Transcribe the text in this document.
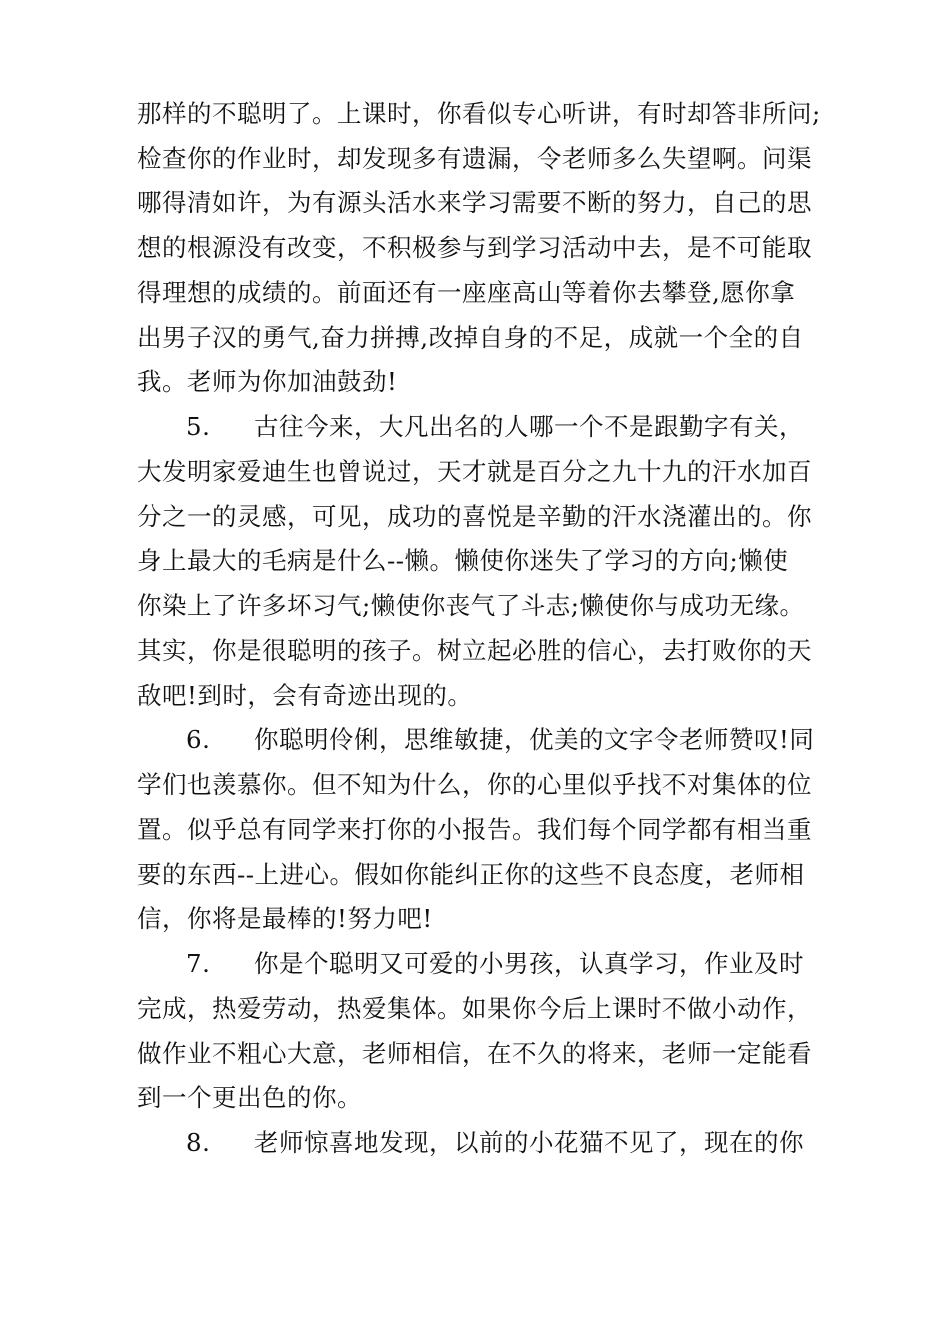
那样的不聪明了。上课时，你看似专心听讲，有时却答非所问;
检查你的作业时，却发现多有遗漏，令老师多么失望啊。问渠
哪得清如许，为有源头活水来学习需要不断的努力，自己的思
想的根源没有改变，不积极参与到学习活动中去，是不可能取
得理想的成绩的。前面还有一座座高山等着你去攀登,愿你拿
出男子汉的勇气,奋力拼搏,改掉自身的不足，成就一个全的自
我。老师为你加油鼓劲!
5. 古往今来，大凡出名的人哪一个不是跟勤字有关，
大发明家爱迪生也曾说过，天才就是百分之九十九的汗水加百
分之一的灵感，可见，成功的喜悦是辛勤的汗水浇灌出的。你
身上最大的毛病是什么--懒。懒使你迷失了学习的方向;懒使
你染上了许多坏习气;懒使你丧气了斗志;懒使你与成功无缘。
其实，你是很聪明的孩子。树立起必胜的信心，去打败你的天
敌吧!到时，会有奇迹出现的。
6. 你聪明伶俐，思维敏捷，优美的文字令老师赞叹!同
学们也羡慕你。但不知为什么，你的心里似乎找不对集体的位
置。似乎总有同学来打你的小报告。我们每个同学都有相当重
要的东西--上进心。假如你能纠正你的这些不良态度，老师相
信，你将是最棒的!努力吧!
7. 你是个聪明又可爱的小男孩，认真学习，作业及时
完成，热爱劳动，热爱集体。如果你今后上课时不做小动作，
做作业不粗心大意，老师相信，在不久的将来，老师一定能看
到一个更出色的你。
8. 老师惊喜地发现，以前的小花猫不见了，现在的你
